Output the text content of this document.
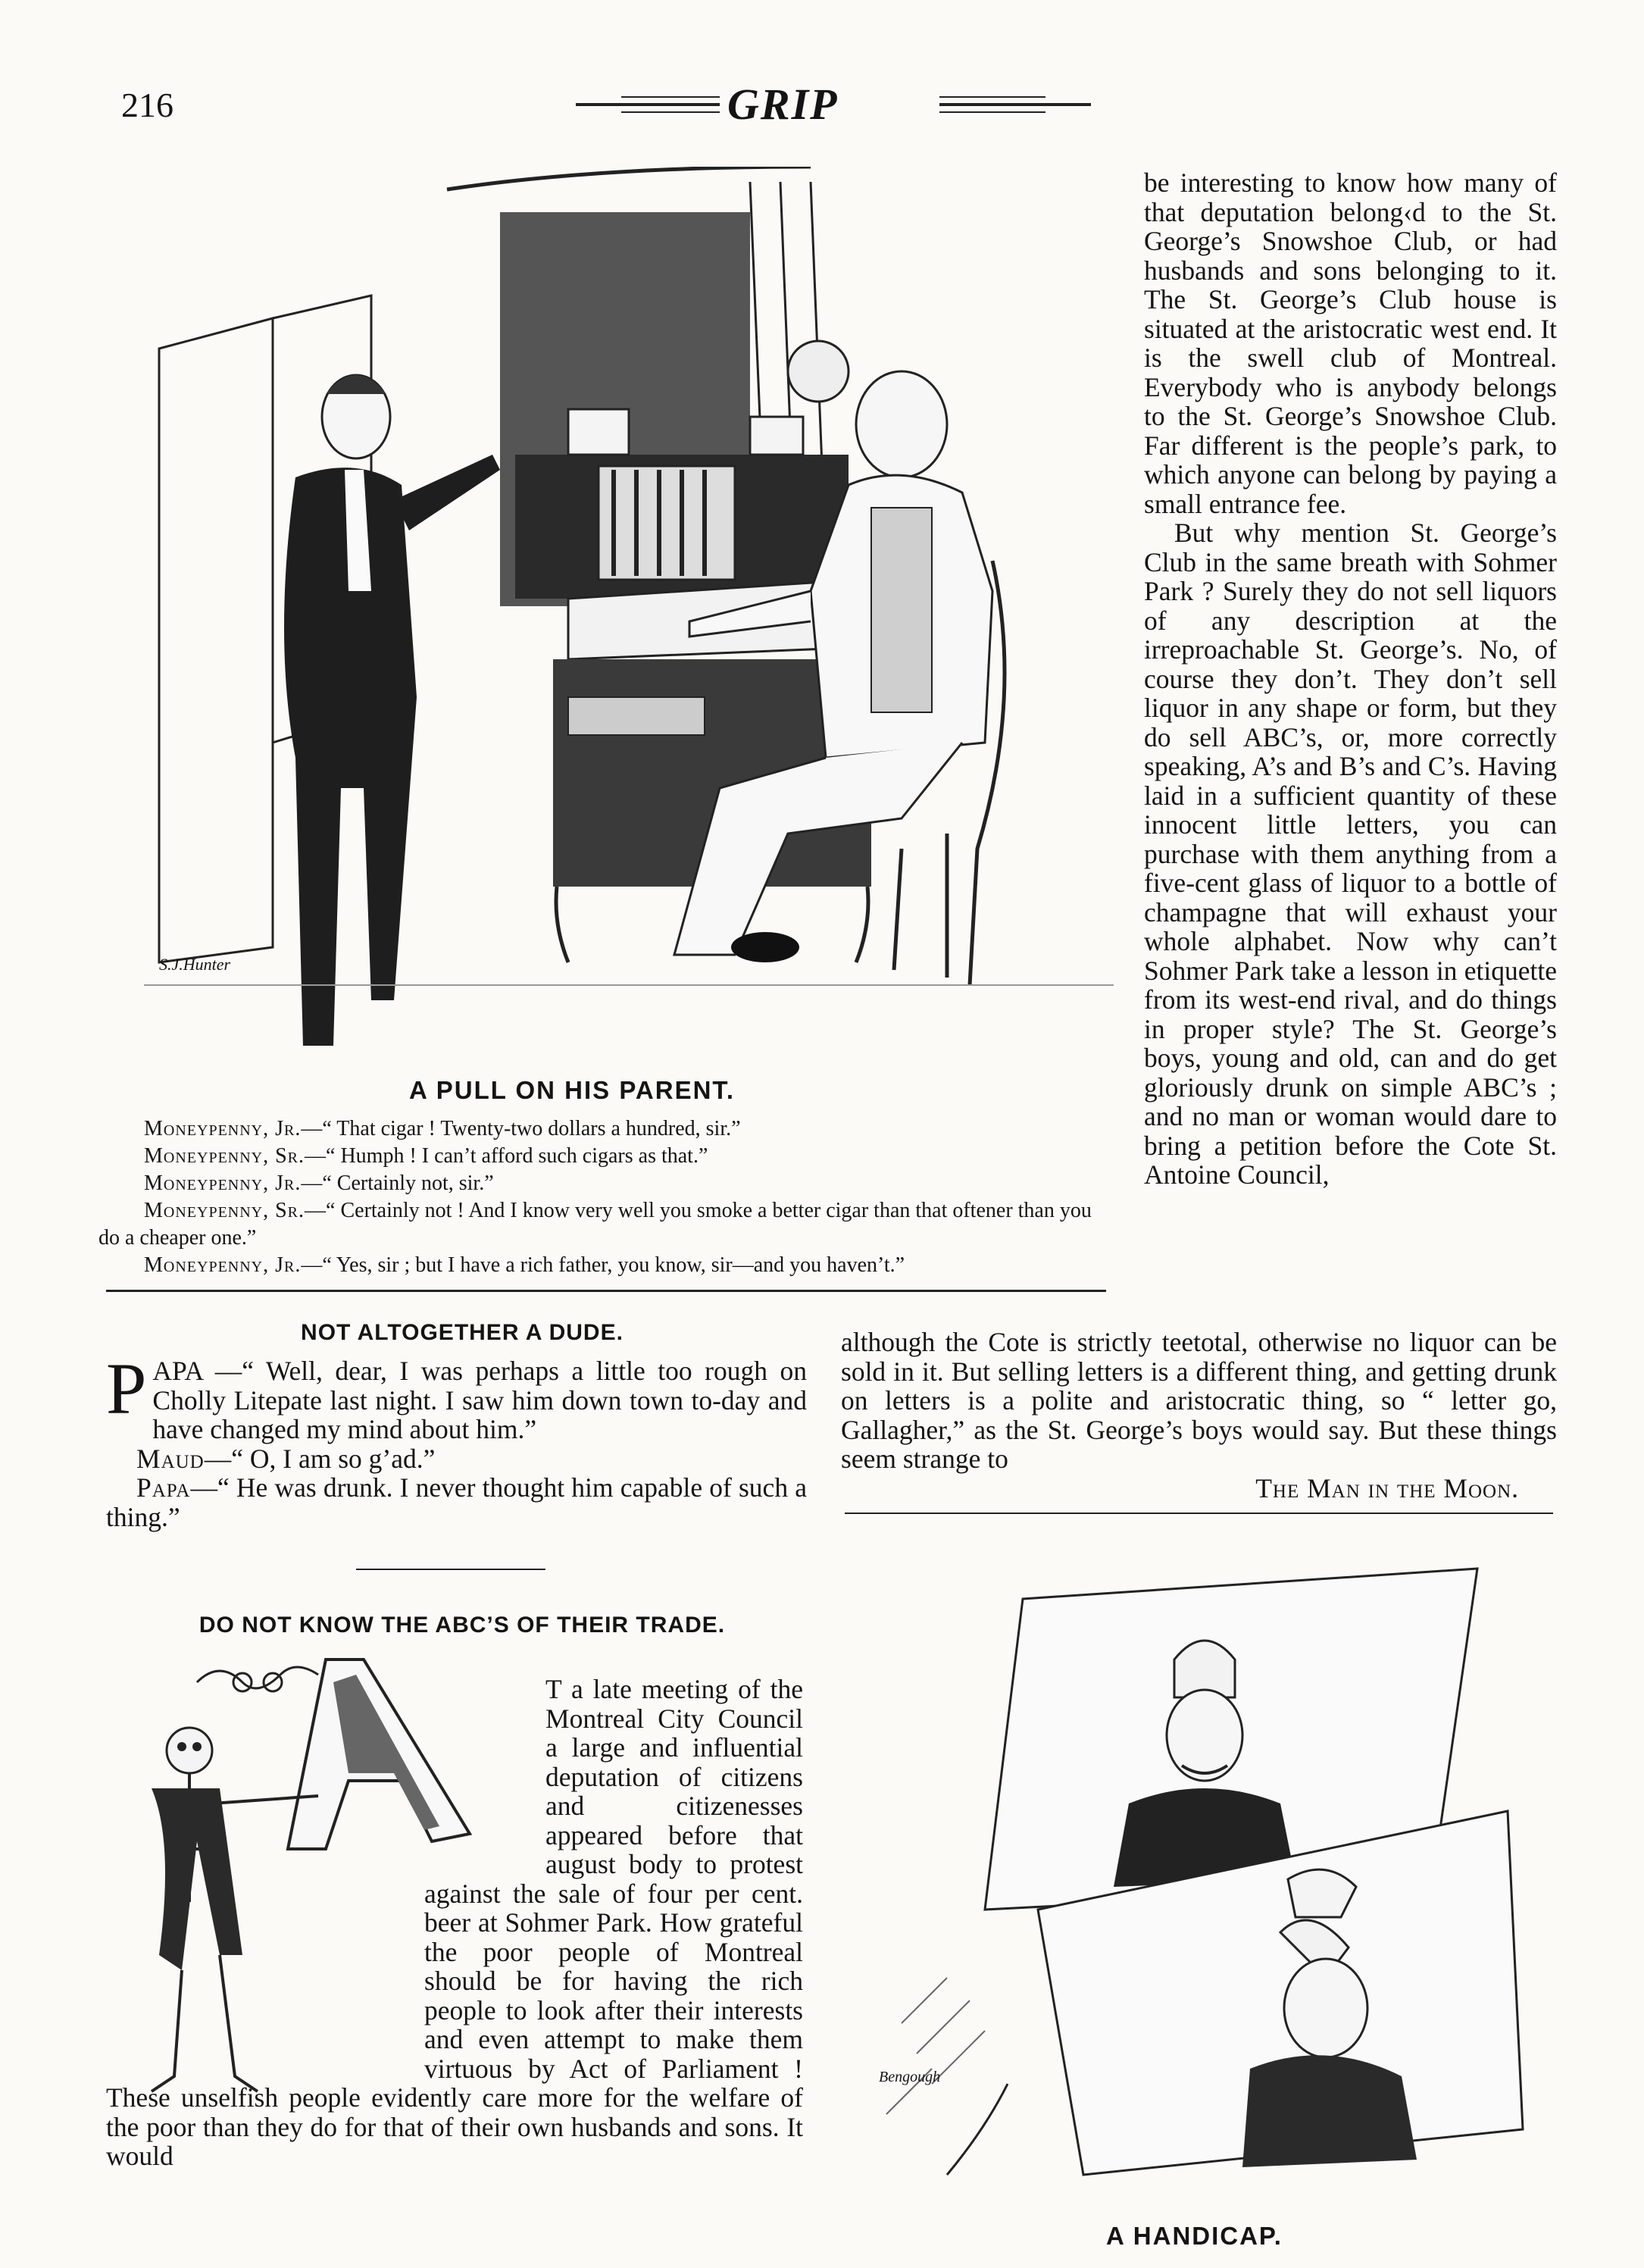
216	GRIP
S.J.Hunter
A PULL ON HIS PARENT.

Moneypenny, Jr.—“ That cigar ! Twenty-two dollars a hundred, sir.”

Moneypenny, Sr.—“ Humph ! I can’t afford such cigars as that.”

Moneypenny, Jr.—“ Certainly not, sir.”

Moneypenny, Sr.—“ Certainly not ! And I know very well you smoke a better cigar than that oftener than you do a cheaper one.”

Moneypenny, Jr.—“ Yes, sir ; but I have a rich father, you know, sir—and you haven’t.”

be interesting to know how many of that deputation belong‹d to the St. George’s Snowshoe Club, or had husbands and sons belonging to it. The St. George’s Club house is situated at the aristocratic west end. It is the swell club of Montreal. Everybody who is anybody belongs to the St. George’s Snowshoe Club. Far different is the people’s park, to which anyone can belong by paying a small entrance fee.

But why mention St. George’s Club in the same breath with Sohmer Park ? Surely they do not sell liquors of any description at the irreproachable St. George’s. No, of course they don’t. They don’t sell liquor in any shape or form, but they do sell ABC’s, or, more correctly speaking, A’s and B’s and C’s. Having laid in a sufficient quantity of these innocent little letters, you can purchase with them anything from a five-cent glass of liquor to a bottle of champagne that will exhaust your whole alphabet. Now why can’t Sohmer Park take a lesson in etiquette from its west-end rival, and do things in proper style? The St. George’s boys, young and old, can and do get gloriously drunk on simple ABC’s ; and no man or woman would dare to bring a petition before the Cote St. Antoine Council,

although the Cote is strictly teetotal, otherwise no liquor can be sold in it. But selling letters is a different thing, and getting drunk on letters is a polite and aristocratic thing, so “ letter go, Gallagher,” as the St. George’s boys would say. But these things seem strange to

The Man in the Moon.

NOT ALTOGETHER A DUDE.

PAPA —“ Well, dear, I was perhaps a little too rough on Cholly Litepate last night. I saw him down town to-day and have changed my mind about him.”

Maud—“ O, I am so g’ad.”

Papa—“ He was drunk. I never thought him capable of such a thing.”

DO NOT KNOW THE ABC’S OF THEIR TRADE.

T a late meeting of the Montreal City Council a large and influential deputation of citizens and citizenesses appeared before that august body to protest against the sale of four per cent. beer at Sohmer Park. How grateful the poor people of Montreal should be for having the rich people to look after their interests and even attempt to make them virtuous by Act of Parliament ! These unselfish people evidently care more for the welfare of the poor than they do for that of their own husbands and sons. It would

Bengough
A HANDICAP.
